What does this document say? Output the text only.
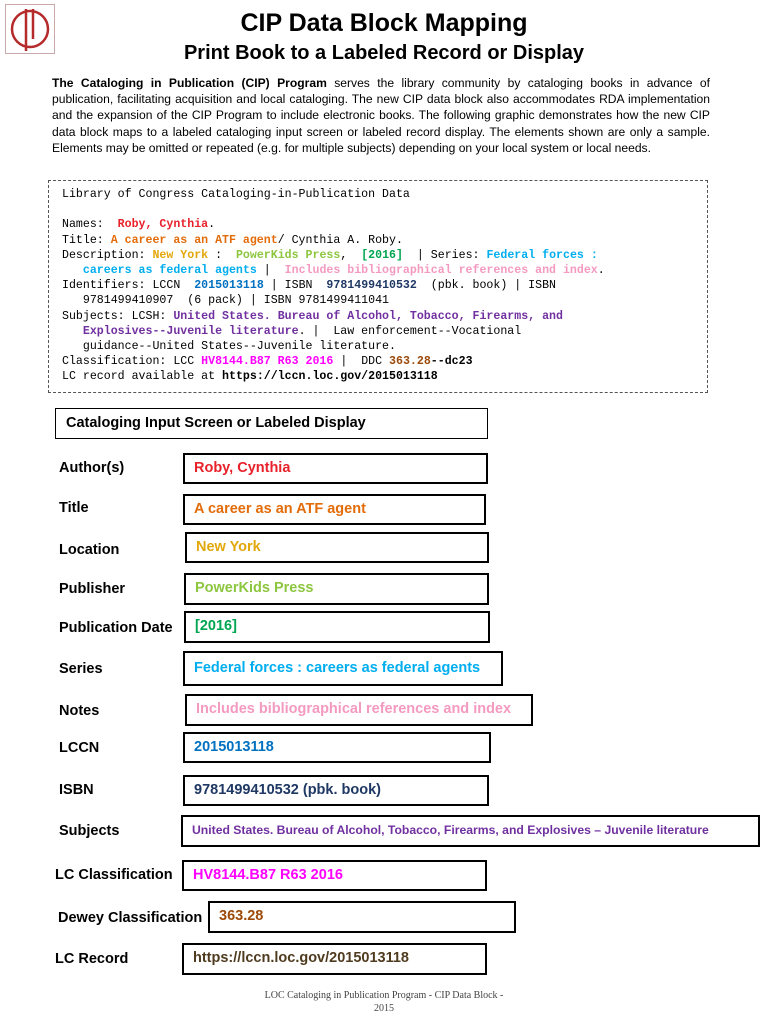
CIP Data Block Mapping
Print Book to a Labeled Record or Display
The Cataloging in Publication (CIP) Program serves the library community by cataloging books in advance of publication, facilitating acquisition and local cataloging. The new CIP data block also accommodates RDA implementation and the expansion of the CIP Program to include electronic books. The following graphic demonstrates how the new CIP data block maps to a labeled cataloging input screen or labeled record display. The elements shown are only a sample. Elements may be omitted or repeated (e.g. for multiple subjects) depending on your local system or local needs.
Library of Congress Cataloging-in-Publication Data

Names:  Roby, Cynthia.
Title: A career as an ATF agent/ Cynthia A. Roby.
Description: New York :  PowerKids Press,  [2016]  | Series: Federal forces :
careers as federal agents |  Includes bibliographical references and index.
Identifiers: LCCN  2015013118 | ISBN  9781499410532  (pbk. book) | ISBN
9781499410907  (6 pack) | ISBN 9781499411041
Subjects: LCSH: United States. Bureau of Alcohol, Tobacco, Firearms, and
Explosives--Juvenile literature. |  Law enforcement--Vocational
guidance--United States--Juvenile literature.
Classification: LCC HV8144.B87 R63 2016 |  DDC 363.28--dc23
LC record available at https://lccn.loc.gov/2015013118
Cataloging Input Screen or Labeled Display
Author(s)	Roby, Cynthia
Title	A career as an ATF agent
Location	New York
Publisher	PowerKids Press
Publication Date	[2016]
Series	Federal forces : careers as federal agents
Notes	Includes bibliographical references and index
LCCN	2015013118
ISBN	9781499410532 (pbk. book)
Subjects	United States. Bureau of Alcohol, Tobacco, Firearms, and Explosives – Juvenile literature
LC Classification	HV8144.B87 R63 2016
Dewey Classification	363.28
LC Record	https://lccn.loc.gov/2015013118
LOC Cataloging in Publication Program - CIP Data Block -
2015
